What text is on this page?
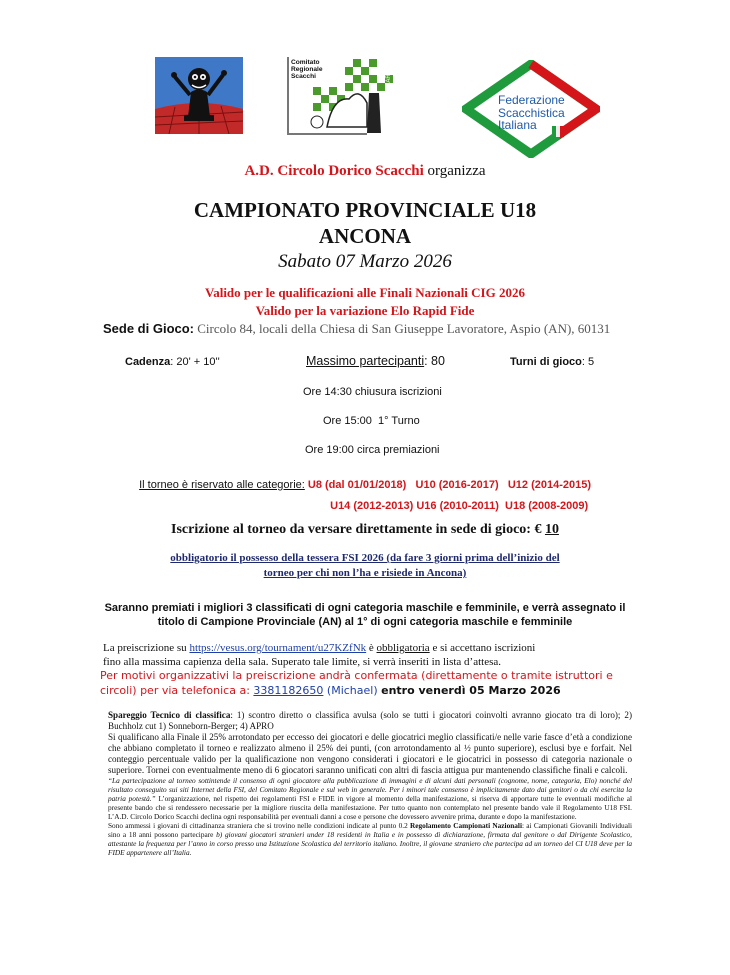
REGIONE MARCHE
Comitato
Regionale
Scacchi
Federazione
Scacchistica
Italiana
A.D. Circolo Dorico Scacchi organizza
CAMPIONATO PROVINCIALE U18
ANCONA
Sabato 07 Marzo 2026
Valido per le qualificazioni alle Finali Nazionali CIG 2026
Valido per la variazione Elo Rapid Fide
Sede di Gioco: Circolo 84, locali della Chiesa di San Giuseppe Lavoratore, Aspio (AN), 60131
Cadenza: 20' + 10''	Massimo partecipanti: 80	Turni di gioco: 5
Ore 14:30 chiusura iscrizioni
Ore 15:00  1° Turno
Ore 19:00 circa premiazioni

Il torneo è riservato alle categorie: U8 (dal 01/01/2018)   U10 (2016-2017)   U12 (2014-2015)

U14 (2012-2013) U16 (2010-2011)  U18 (2008-2009)

Iscrizione al torneo da versare direttamente in sede di gioco: € 10
obbligatorio il possesso della tessera FSI 2026 (da fare 3 giorni prima dell’inizio del
torneo per chi non l’ha e risiede in Ancona)
Saranno premiati i migliori 3 classificati di ogni categoria maschile e femminile, e verrà assegnato il
titolo di Campione Provinciale (AN) al 1° di ogni categoria maschile e femminile
La preiscrizione su https://vesus.org/tournament/u27KZfNk è obbligatoria e si accettano iscrizioni
fino alla massima capienza della sala. Superato tale limite, si verrà inseriti in lista d’attesa.
Per motivi organizzativi la preiscrizione andrà confermata (direttamente o tramite istruttori e
circoli) per via telefonica a: 3381182650 (Michael) entro venerdì 05 Marzo 2026
Spareggio Tecnico di classifica: 1) scontro diretto o classifica avulsa (solo se tutti i giocatori coinvolti avranno giocato tra di loro); 2) Buchholz cut 1) Sonneborn-Berger; 4) APRO
Si qualificano alla Finale il 25% arrotondato per eccesso dei giocatori e delle giocatrici meglio classificati/e nelle varie fasce d’età a condizione che abbiano completato il torneo e realizzato almeno il 25% dei punti, (con arrotondamento al ½ punto superiore), esclusi bye e forfait. Nel conteggio percentuale valido per la qualificazione non vengono considerati i giocatori e le giocatrici in possesso di categoria nazionale o superiore. Tornei con eventualmente meno di 6 giocatori saranno unificati con altri di fascia attigua pur mantenendo classifiche finali e calcoli.
“La partecipazione al torneo sottintende il consenso di ogni giocatore alla pubblicazione di immagini e di alcuni dati personali (cognome, nome, categoria, Elo) nonché del risultato conseguito sui siti Internet della FSI, del Comitato Regionale e sul web in generale. Per i minori tale consenso è implicitamente dato dai genitori o da chi esercita la patria potestà.” L’organizzazione, nel rispetto dei regolamenti FSI e FIDE in vigore al momento della manifestazione, si riserva di apportare tutte le eventuali modifiche al presente bando che si rendessero necessarie per la migliore riuscita della manifestazione. Per tutto quanto non contemplato nel presente bando vale il Regolamento U18 FSI. L’A.D. Circolo Dorico Scacchi declina ogni responsabilità per eventuali danni a cose e persone che dovessero avvenire prima, durante e dopo la manifestazione.
Sono ammessi i giovani di cittadinanza straniera che si trovino nelle condizioni indicate al punto 0.2 Regolamento Campionati Nazionali: ai Campionati Giovanili Individuali sino a 18 anni possono partecipare b) giovani giocatori stranieri under 18 residenti in Italia e in possesso di dichiarazione, firmata dal genitore o dal Dirigente Scolastico, attestante la frequenza per l’anno in corso presso una Istituzione Scolastica del territorio italiano. Inoltre, il giovane straniero che partecipa ad un torneo del CI U18 deve per la FIDE appartenere all’Italia.
